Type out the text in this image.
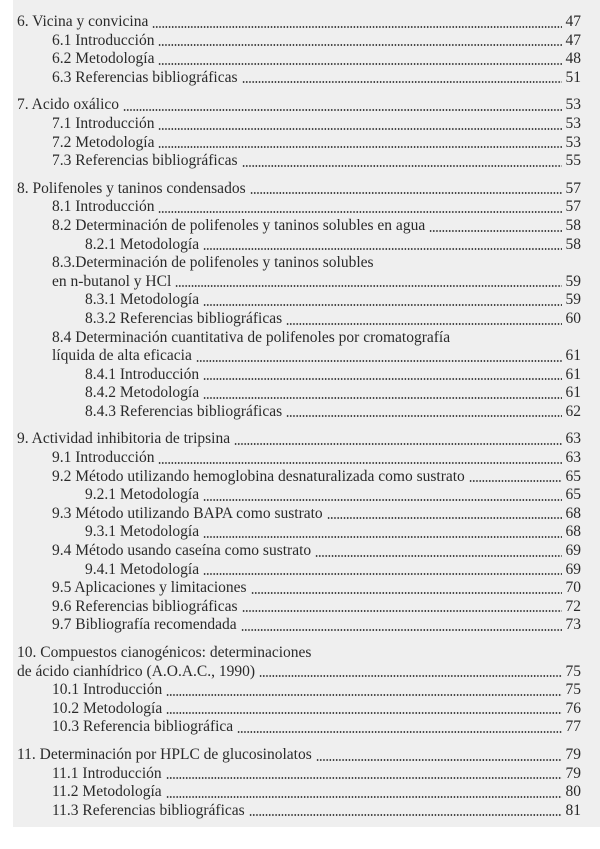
6. Vicina y convicina	47
6.1 Introducción	47
6.2 Metodología	48
6.3 Referencias bibliográficas	51
7. Acido oxálico	53
7.1 Introducción	53
7.2 Metodología	53
7.3 Referencias bibliográficas	55
8. Polifenoles y taninos condensados	57
8.1 Introducción	57
8.2 Determinación de polifenoles y taninos solubles en agua	58
8.2.1 Metodología	58
8.3.Determinación de polifenoles y taninos solubles
en n-butanol y HCl	59
8.3.1 Metodología	59
8.3.2 Referencias bibliográficas	60
8.4 Determinación cuantitativa de polifenoles por cromatografía
líquida de alta eficacia	61
8.4.1 Introducción	61
8.4.2 Metodología	61
8.4.3 Referencias bibliográficas	62
9. Actividad inhibitoria de tripsina	63
9.1 Introducción	63
9.2 Método utilizando hemoglobina desnaturalizada como sustrato	65
9.2.1 Metodología	65
9.3 Método utilizando BAPA como sustrato	68
9.3.1 Metodología	68
9.4 Método usando caseína como sustrato	69
9.4.1 Metodología	69
9.5 Aplicaciones y limitaciones	70
9.6 Referencias bibliográficas	72
9.7 Bibliografía recomendada	73
10. Compuestos cianogénicos: determinaciones
de ácido cianhídrico (A.O.A.C., 1990)	75
10.1 Introducción	75
10.2 Metodología	76
10.3 Referencia bibliográfica	77
11. Determinación por HPLC de glucosinolatos	79
11.1 Introducción	79
11.2 Metodología	80
11.3 Referencias bibliográficas	81
